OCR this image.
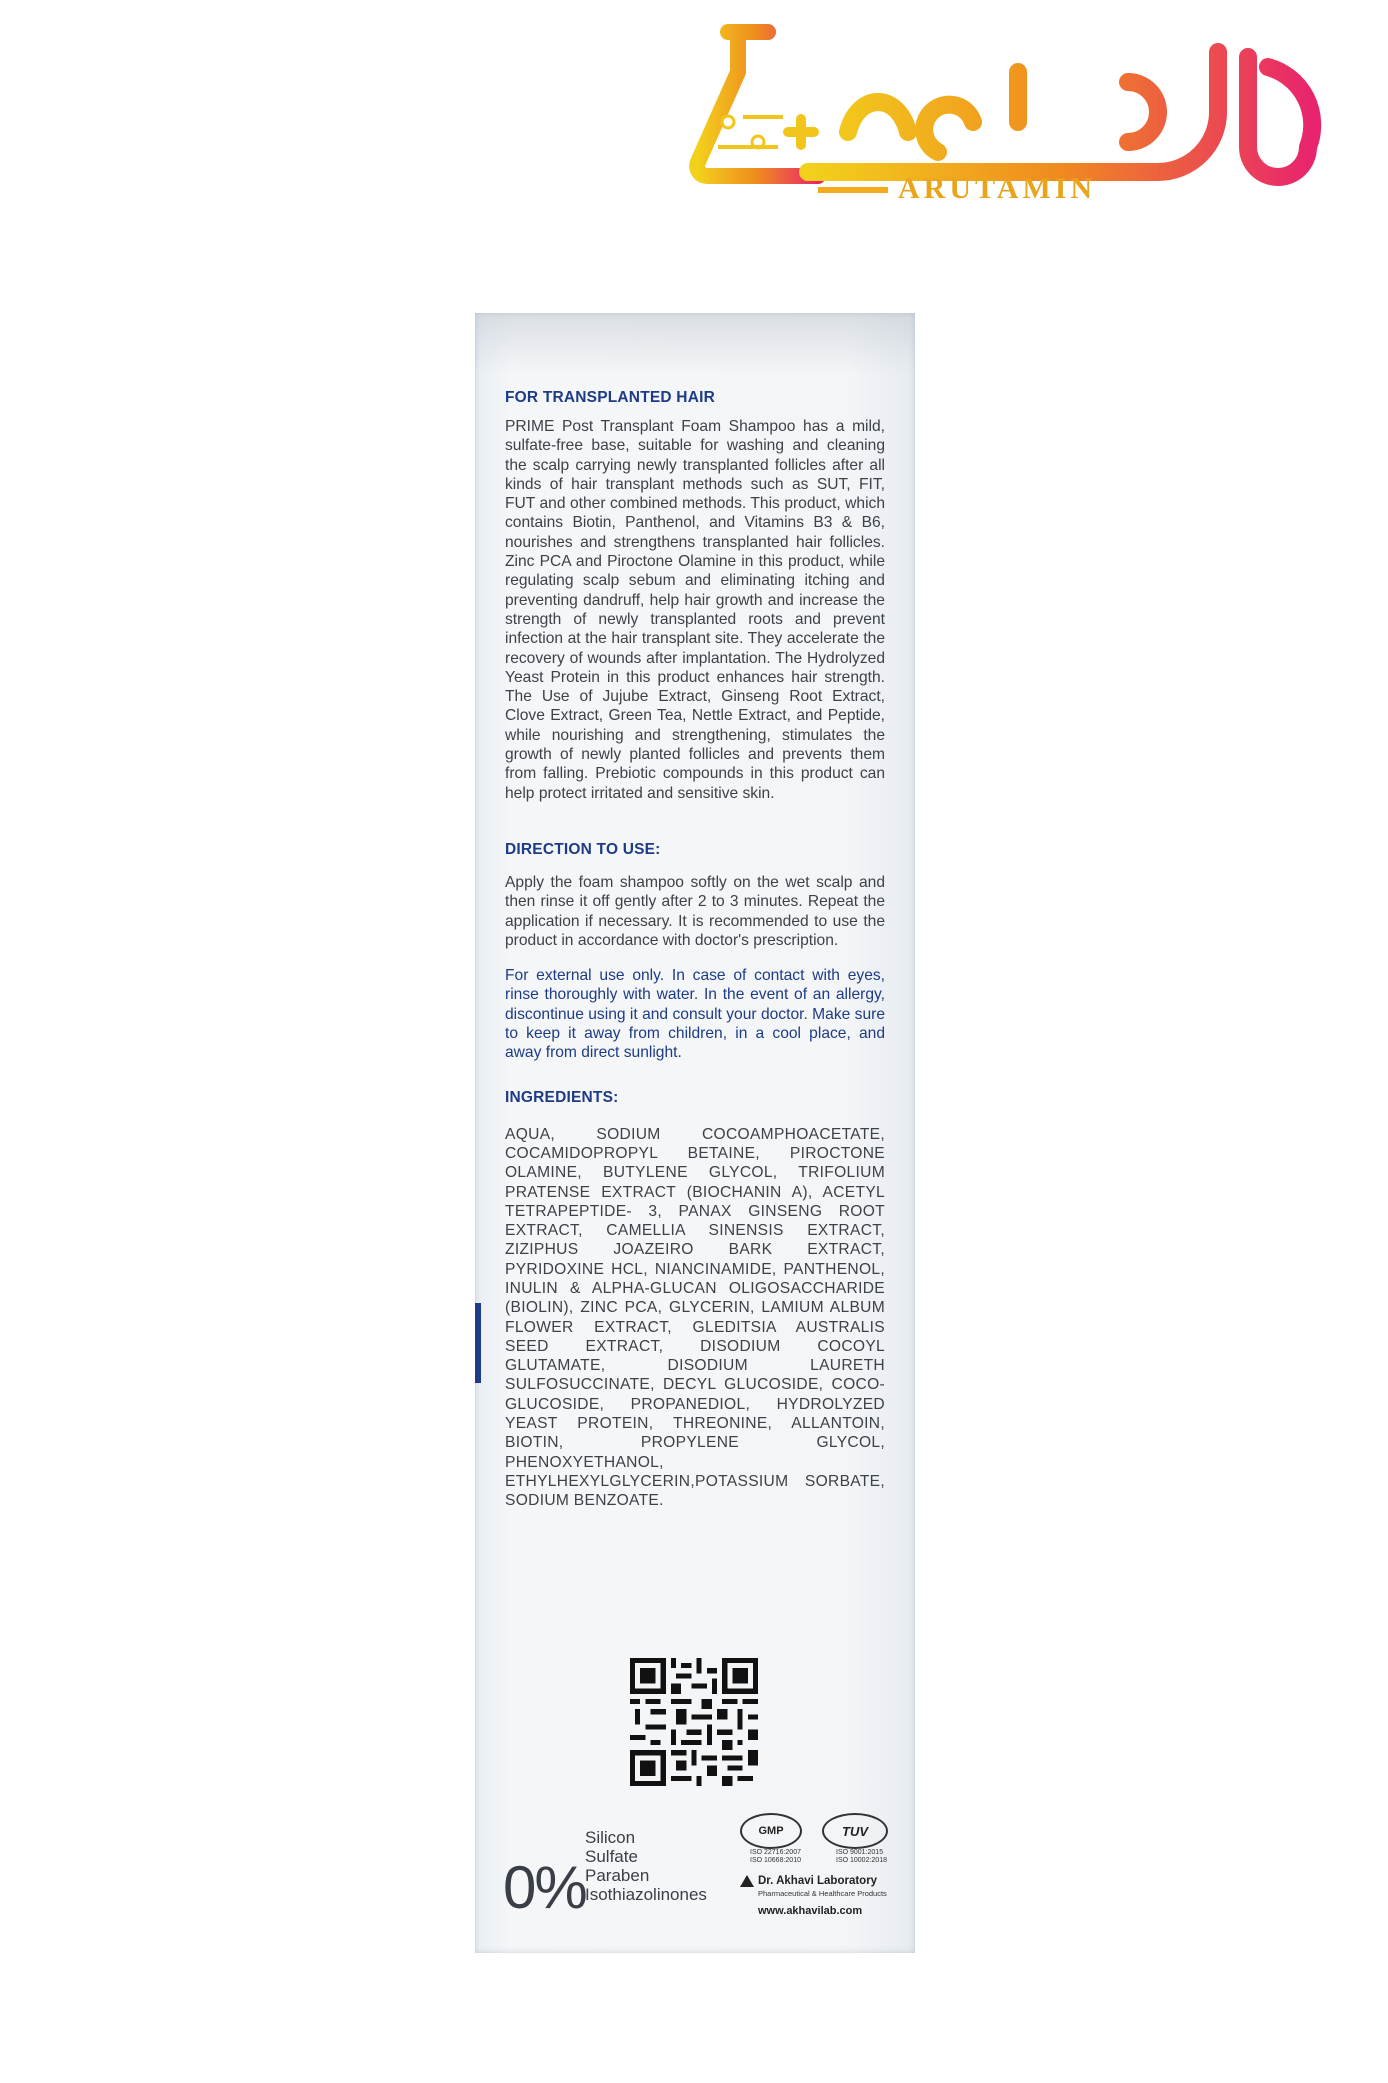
ARUTAMIN
FOR TRANSPLANTED HAIR

PRIME Post Transplant Foam Shampoo has a mild, sulfate-free base, suitable for washing and cleaning the scalp carrying newly transplanted follicles after all kinds of hair transplant methods such as SUT, FIT, FUT and other combined methods. This product, which contains Biotin, Panthenol, and Vitamins B3 & B6, nourishes and strengthens transplanted hair follicles. Zinc PCA and Piroctone Olamine in this product, while regulating scalp sebum and eliminating itching and preventing dandruff, help hair growth and increase the strength of newly transplanted roots and prevent infection at the hair transplant site. They accelerate the recovery of wounds after implantation. The Hydrolyzed Yeast Protein in this product enhances hair strength. The Use of Jujube Extract, Ginseng Root Extract, Clove Extract, Green Tea, Nettle Extract, and Peptide, while nourishing and strengthening, stimulates the growth of newly planted follicles and prevents them from falling. Prebiotic compounds in this product can help protect irritated and sensitive skin.

DIRECTION TO USE:

Apply the foam shampoo softly on the wet scalp and then rinse it off gently after 2 to 3 minutes. Repeat the application if necessary. It is recommended to use the product in accordance with doctor's prescription.

For external use only. In case of contact with eyes, rinse thoroughly with water. In the event of an allergy, discontinue using it and consult your doctor. Make sure to keep it away from children, in a cool place, and away from direct sunlight.

INGREDIENTS:

AQUA, SODIUM COCOAMPHOACETATE, COCAMIDOPROPYL BETAINE, PIROCTONE OLAMINE, BUTYLENE GLYCOL, TRIFOLIUM PRATENSE EXTRACT (BIOCHANIN A), ACETYL TETRAPEPTIDE- 3, PANAX GINSENG ROOT EXTRACT, CAMELLIA SINENSIS EXTRACT, ZIZIPHUS JOAZEIRO BARK EXTRACT, PYRIDOXINE HCL, NIANCINAMIDE, PANTHENOL, INULIN & ALPHA-GLUCAN OLIGOSACCHARIDE (BIOLIN), ZINC PCA, GLYCERIN, LAMIUM ALBUM FLOWER EXTRACT, GLEDITSIA AUSTRALIS SEED EXTRACT, DISODIUM COCOYL GLUTAMATE, DISODIUM LAURETH SULFOSUCCINATE, DECYL GLUCOSIDE, COCO-GLUCOSIDE, PROPANEDIOL, HYDROLYZED YEAST PROTEIN, THREONINE, ALLANTOIN, BIOTIN, PROPYLENE GLYCOL, PHENOXYETHANOL, ETHYLHEXYLGLYCERIN,POTASSIUM SORBATE, SODIUM BENZOATE.

0%
Silicon
Sulfate
Paraben
Isothiazolinones
GMP	TUV
ISO 22716:2007
ISO 10668:2010
ISO 9001:2015
ISO 10002:2018
Dr. Akhavi Laboratory
Pharmaceutical & Healthcare Products
www.akhavilab.com
